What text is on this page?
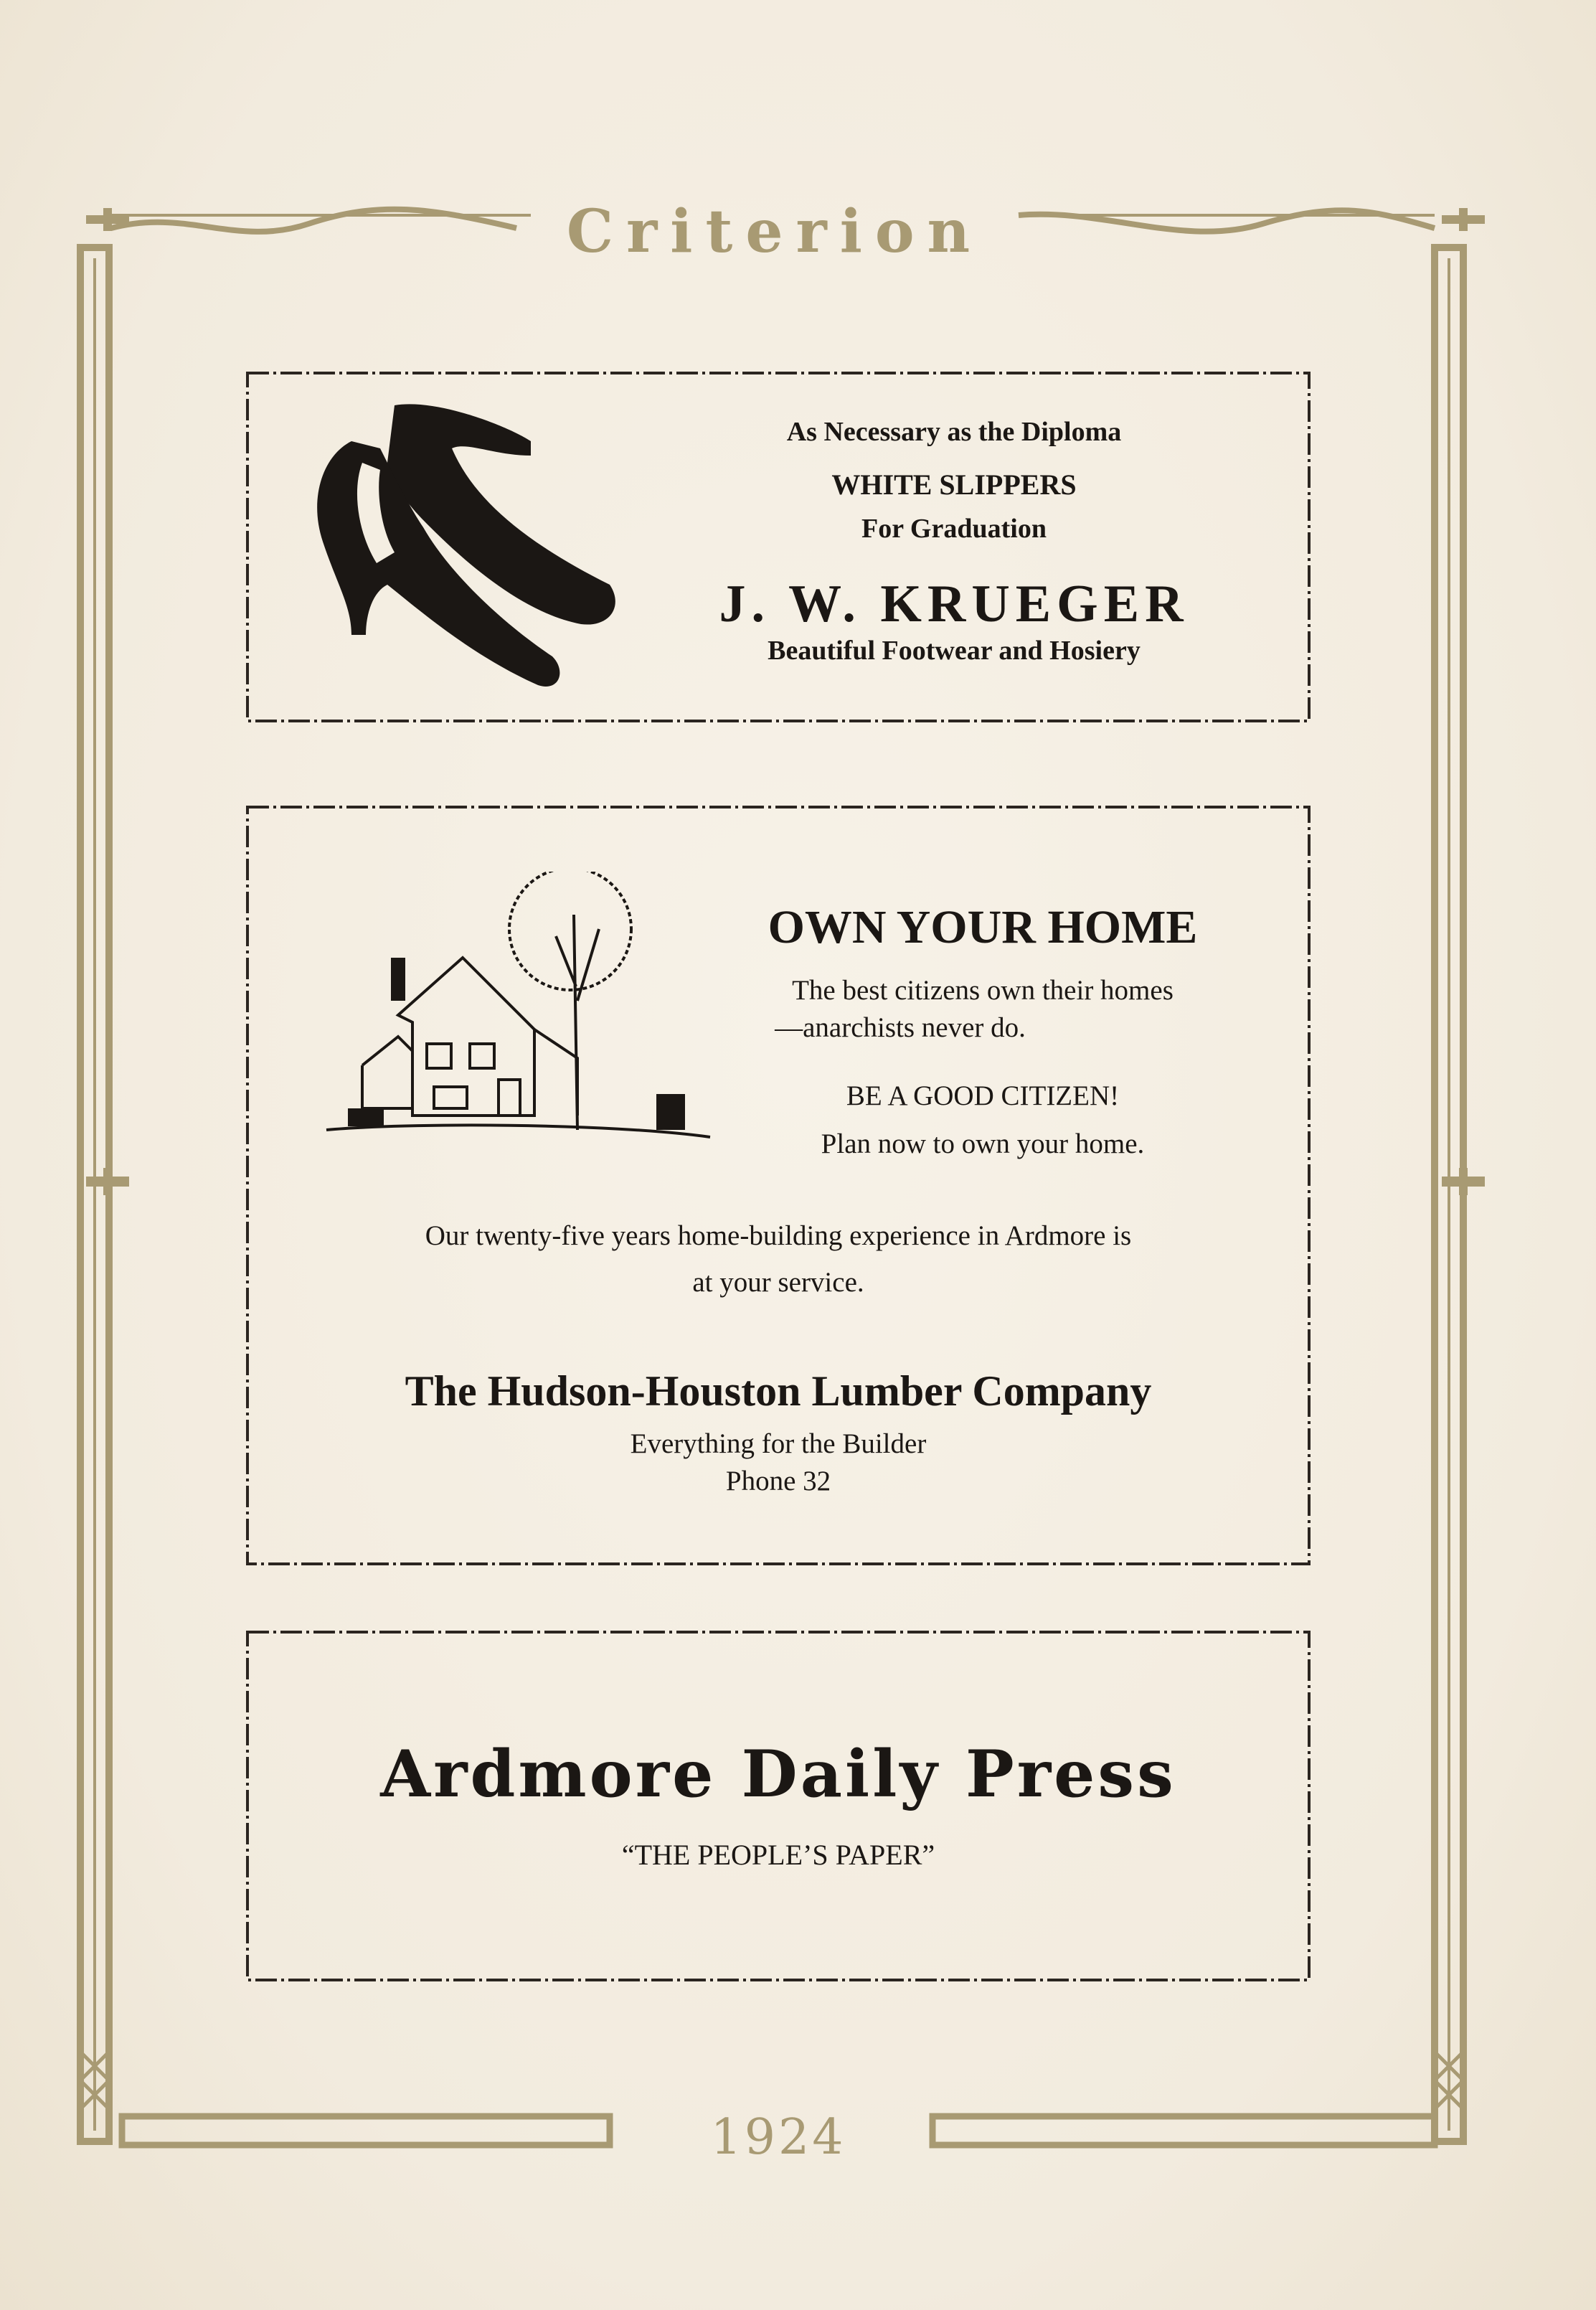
Criterion
1924
As Necessary as the Diploma
WHITE SLIPPERS
For Graduation
J. W. KRUEGER
Beautiful Footwear and Hosiery
OWN YOUR HOME
The best citizens own their homes
—anarchists never do.
BE A GOOD CITIZEN!
Plan now to own your home.
Our twenty-five years home-building experience in Ardmore is
at your service.
The Hudson-Houston Lumber Company
Everything for the Builder
Phone 32
Ardmore Daily Press
“THE PEOPLE’S PAPER”
